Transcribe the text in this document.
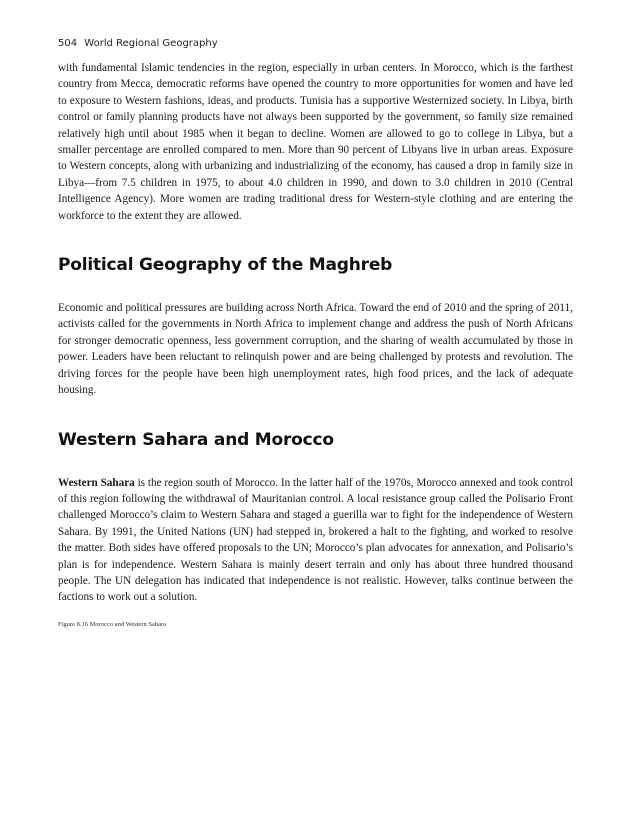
504 World Regional Geography

with fundamental Islamic tendencies in the region, especially in urban centers. In Morocco, which is the farthest country from Mecca, democratic reforms have opened the country to more opportunities for women and have led to exposure to Western fashions, ideas, and products. Tunisia has a supportive Westernized society. In Libya, birth control or family planning products have not always been supported by the government, so family size remained relatively high until about 1985 when it began to decline. Women are allowed to go to college in Libya, but a smaller percentage are enrolled compared to men. More than 90 percent of Libyans live in urban areas. Exposure to Western concepts, along with urbanizing and industrializing of the economy, has caused a drop in family size in Libya—from 7.5 children in 1975, to about 4.0 children in 1990, and down to 3.0 children in 2010 (Central Intelligence Agency). More women are trading traditional dress for Western-style clothing and are entering the workforce to the extent they are allowed.

Political Geography of the Maghreb

Economic and political pressures are building across North Africa. Toward the end of 2010 and the spring of 2011, activists called for the governments in North Africa to implement change and address the push of North Africans for stronger democratic openness, less government corruption, and the sharing of wealth accumulated by those in power. Leaders have been reluctant to relinquish power and are being challenged by protests and revolution. The driving forces for the people have been high unemployment rates, high food prices, and the lack of adequate housing.

Western Sahara and Morocco

Western Sahara is the region south of Morocco. In the latter half of the 1970s, Morocco annexed and took control of this region following the withdrawal of Mauritanian control. A local resistance group called the Polisario Front challenged Morocco’s claim to Western Sahara and staged a guerilla war to fight for the independence of Western Sahara. By 1991, the United Nations (UN) had stepped in, brokered a halt to the fighting, and worked to resolve the matter. Both sides have offered proposals to the UN; Morocco’s plan advocates for annexation, and Polisario’s plan is for independence. Western Sahara is mainly desert terrain and only has about three hundred thousand people. The UN delegation has indicated that independence is not realistic. However, talks continue between the factions to work out a solution.

Figure 8.16 Morocco and Western Sahara
